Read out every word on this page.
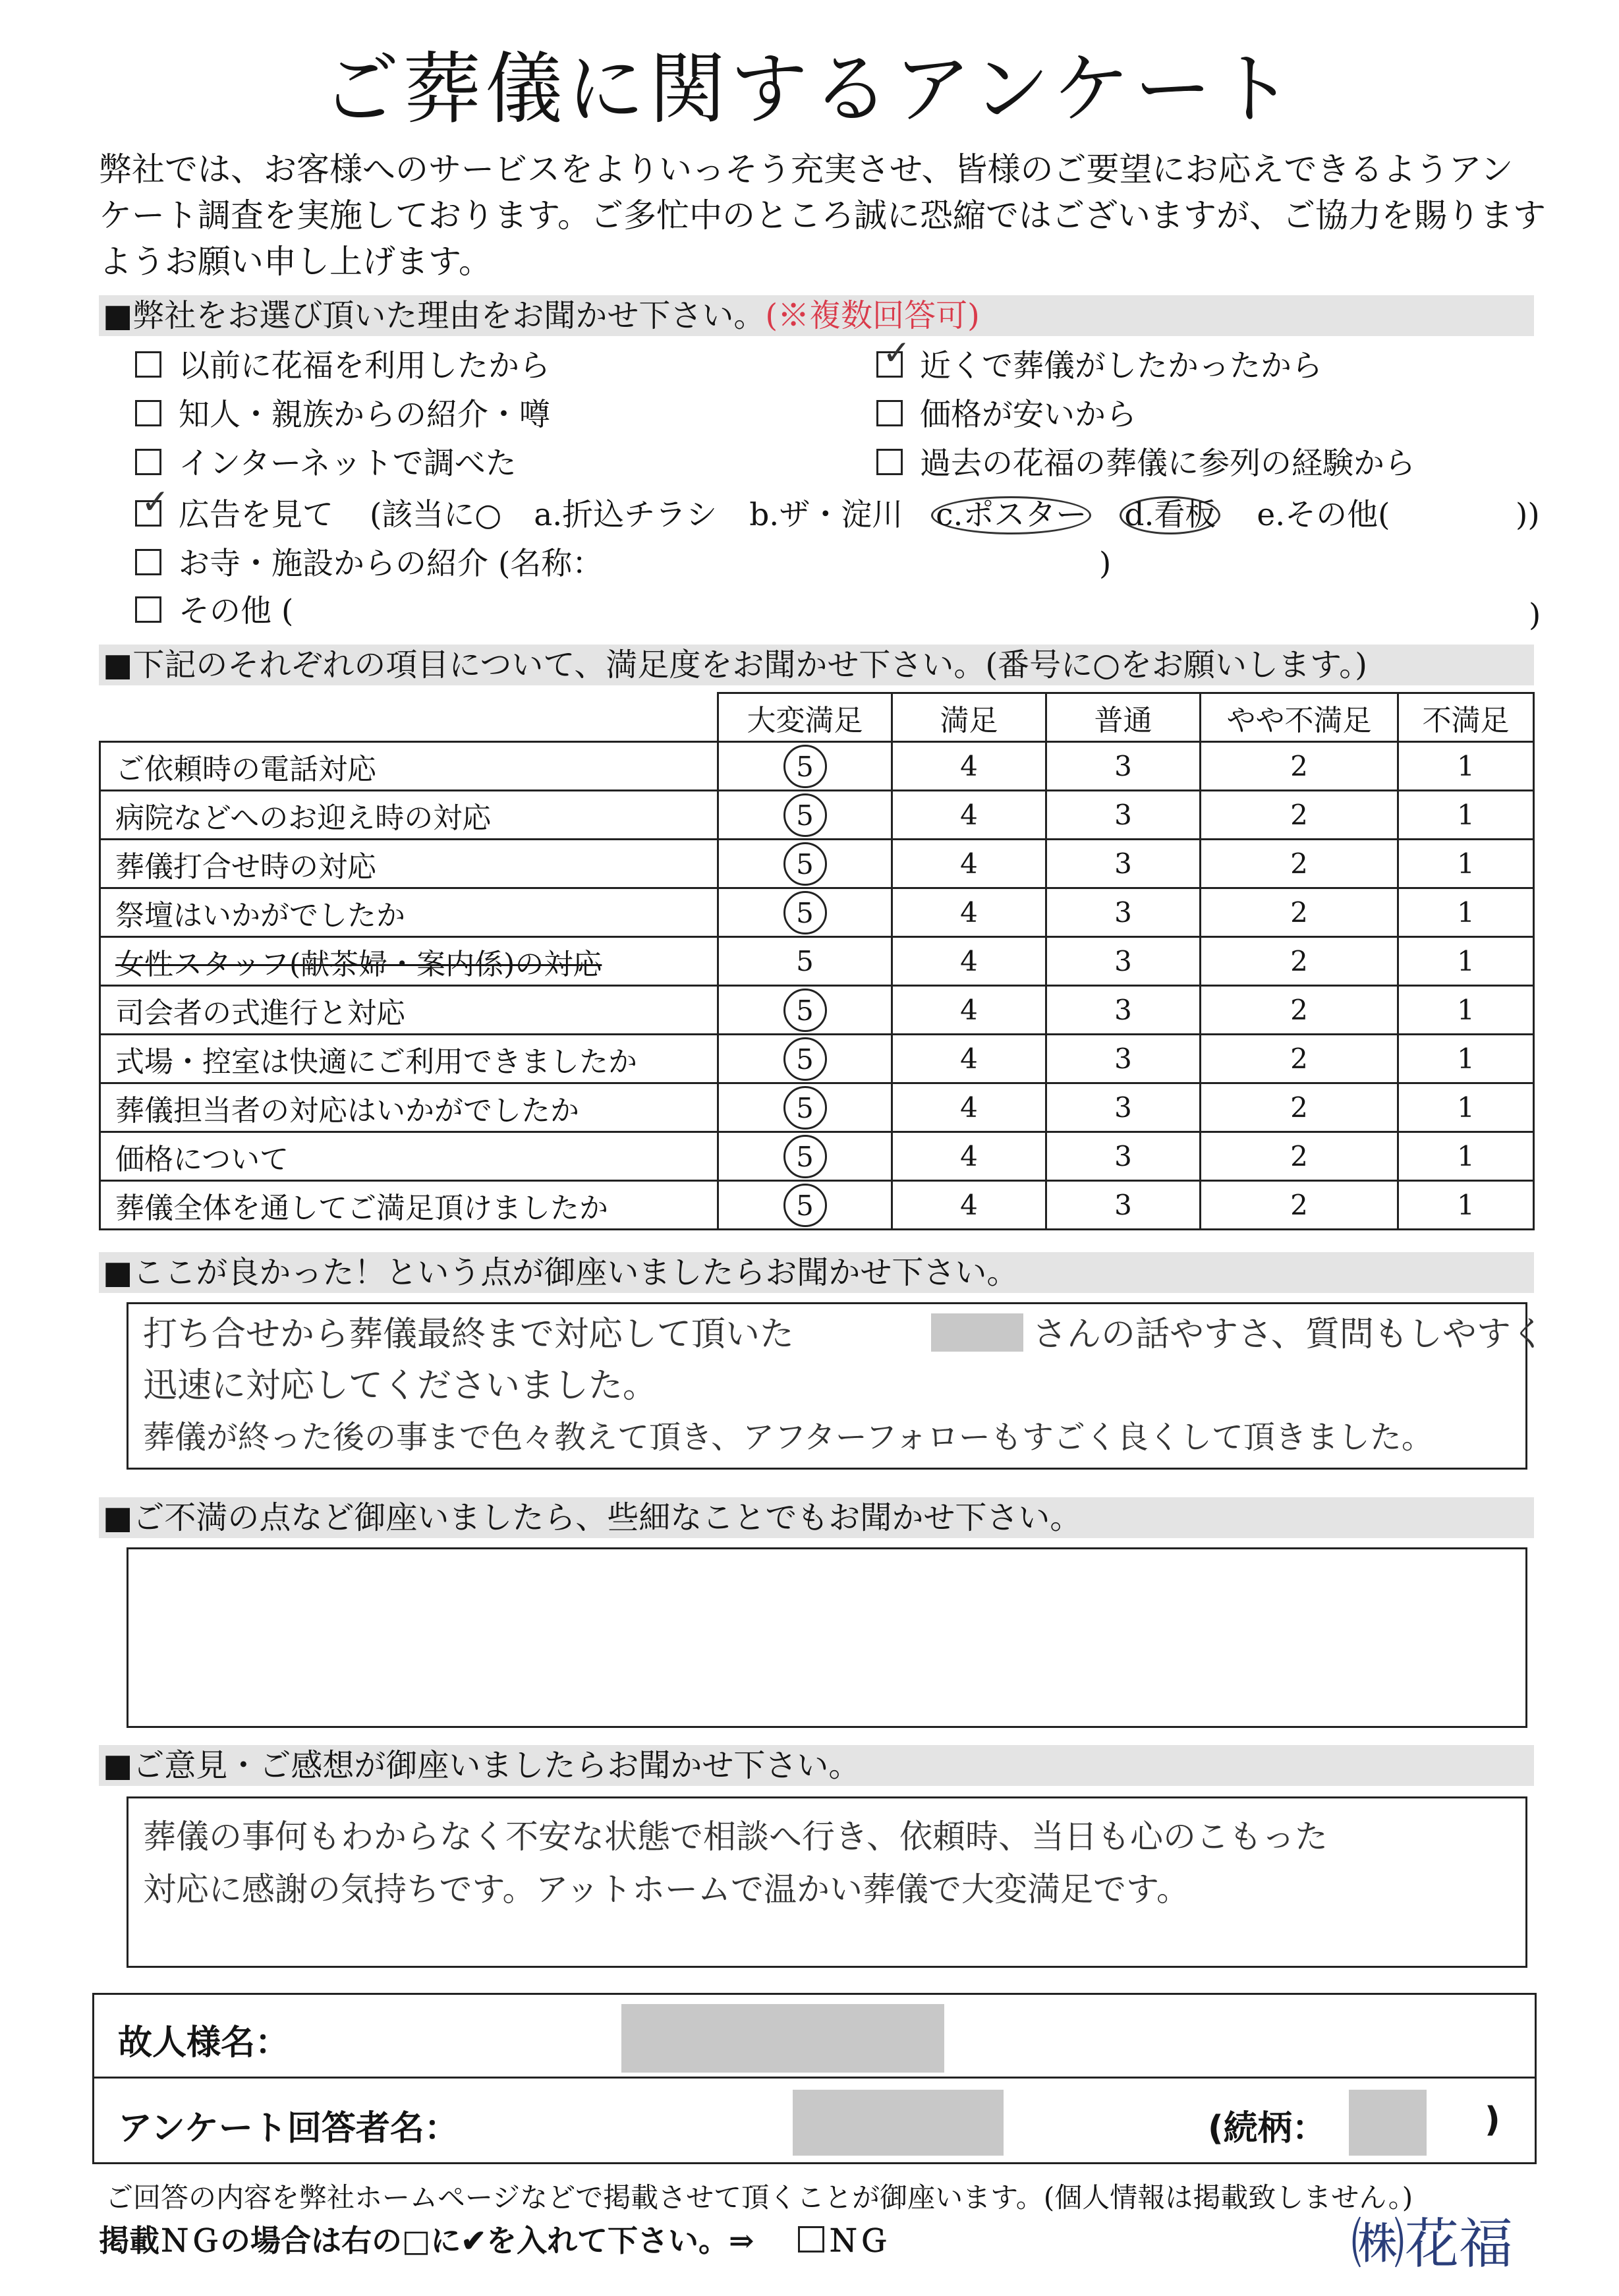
ご葬儀に関するアンケート
弊社では、お客様へのサービスをよりいっそう充実させ、皆様のご要望にお応えできるようアン
ケート調査を実施しております。ご多忙中のところ誠に恐縮ではございますが、ご協力を賜ります
ようお願い申し上げます。
■弊社をお選び頂いた理由をお聞かせ下さい。(※複数回答可)
以前に花福を利用したから
知人・親族からの紹介・噂
インターネットで調べた
✓近くで葬儀がしたかったから
価格が安いから
過去の花福の葬儀に参列の経験から
✓広告を見て (該当に○ a.折込チラシ b.ザ・淀川 c.ポスター d.看板 e.その他(	))
お寺・施設からの紹介 (名称：	)
その他 (	)
■下記のそれぞれの項目について、満足度をお聞かせ下さい。(番号に○をお願いします。)
	大変満足	満足	普通	やや不満足	不満足
ご依頼時の電話対応	5	4	3	2	1
病院などへのお迎え時の対応	5	4	3	2	1
葬儀打合せ時の対応	5	4	3	2	1
祭壇はいかがでしたか	5	4	3	2	1
女性スタッフ(献茶婦・案内係)の対応	5	4	3	2	1
司会者の式進行と対応	5	4	3	2	1
式場・控室は快適にご利用できましたか	5	4	3	2	1
葬儀担当者の対応はいかがでしたか	5	4	3	2	1
価格について	5	4	3	2	1
葬儀全体を通してご満足頂けましたか	5	4	3	2	1
■ここが良かった！という点が御座いましたらお聞かせ下さい。
打ち合せから葬儀最終まで対応して頂いた	さんの話やすさ、質問もしやすく
迅速に対応してくださいました。
葬儀が終った後の事まで色々教えて頂き、アフターフォローもすごく良くして頂きました。
■ご不満の点など御座いましたら、些細なことでもお聞かせ下さい。
■ご意見・ご感想が御座いましたらお聞かせ下さい。
葬儀の事何もわからなく不安な状態で相談へ行き、依頼時、当日も心のこもった
対応に感謝の気持ちです。アットホームで温かい葬儀で大変満足です。
故人様名：
アンケート回答者名：	(続柄：	)
ご回答の内容を弊社ホームページなどで掲載させて頂くことが御座います。(個人情報は掲載致しません。)
掲載ＮＧの場合は右の□に✔を入れて下さい。⇒ ＮＧ	㈱花福
